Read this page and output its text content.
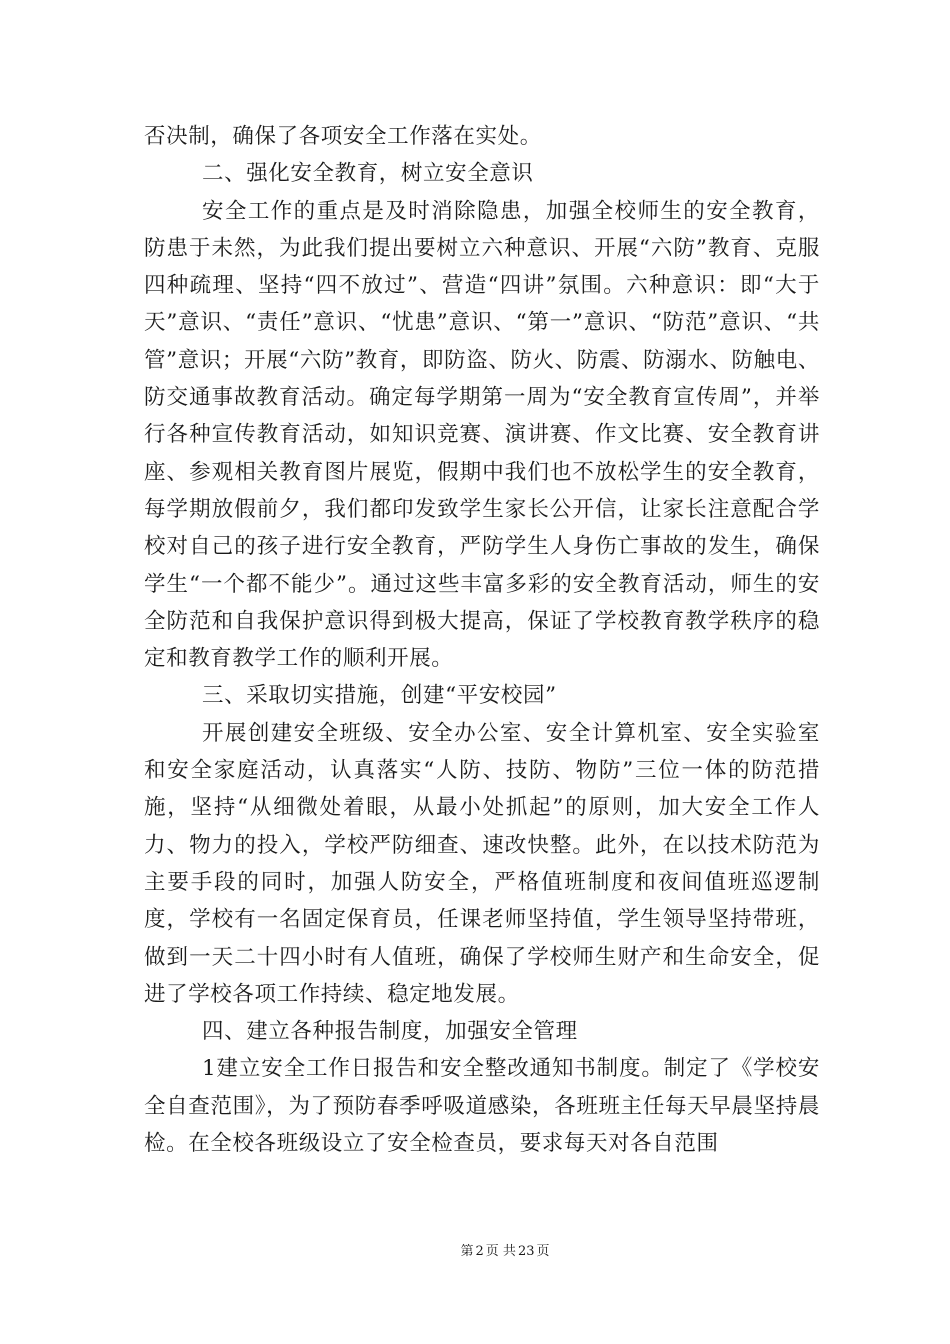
否决制，确保了各项安全工作落在实处。

二、强化安全教育，树立安全意识

安全工作的重点是及时消除隐患，加强全校师生的安全教育，防患于未然，为此我们提出要树立六种意识、开展“六防”教育、克服四种疏理、坚持“四不放过”、营造“四讲”氛围。六种意识：即“大于天”意识、“责任”意识、“忧患”意识、“第一”意识、“防范”意识、“共管”意识；开展“六防”教育，即防盗、防火、防震、防溺水、防触电、防交通事故教育活动。确定每学期第一周为“安全教育宣传周”，并举行各种宣传教育活动，如知识竞赛、演讲赛、作文比赛、安全教育讲座、参观相关教育图片展览，假期中我们也不放松学生的安全教育，每学期放假前夕，我们都印发致学生家长公开信，让家长注意配合学校对自己的孩子进行安全教育，严防学生人身伤亡事故的发生，确保学生“一个都不能少”。通过这些丰富多彩的安全教育活动，师生的安全防范和自我保护意识得到极大提高，保证了学校教育教学秩序的稳定和教育教学工作的顺利开展。

三、采取切实措施，创建“平安校园”

开展创建安全班级、安全办公室、安全计算机室、安全实验室和安全家庭活动，认真落实“人防、技防、物防”三位一体的防范措施，坚持“从细微处着眼，从最小处抓起”的原则，加大安全工作人力、物力的投入，学校严防细查、速改快整。此外，在以技术防范为主要手段的同时，加强人防安全，严格值班制度和夜间值班巡逻制度，学校有一名固定保育员，任课老师坚持值，学生领导坚持带班，做到一天二十四小时有人值班，确保了学校师生财产和生命安全，促进了学校各项工作持续、稳定地发展。

四、建立各种报告制度，加强安全管理

1建立安全工作日报告和安全整改通知书制度。制定了《学校安全自查范围》，为了预防春季呼吸道感染，各班班主任每天早晨坚持晨检。在全校各班级设立了安全检查员，要求每天对各自范围

第 2 页 共 23 页
